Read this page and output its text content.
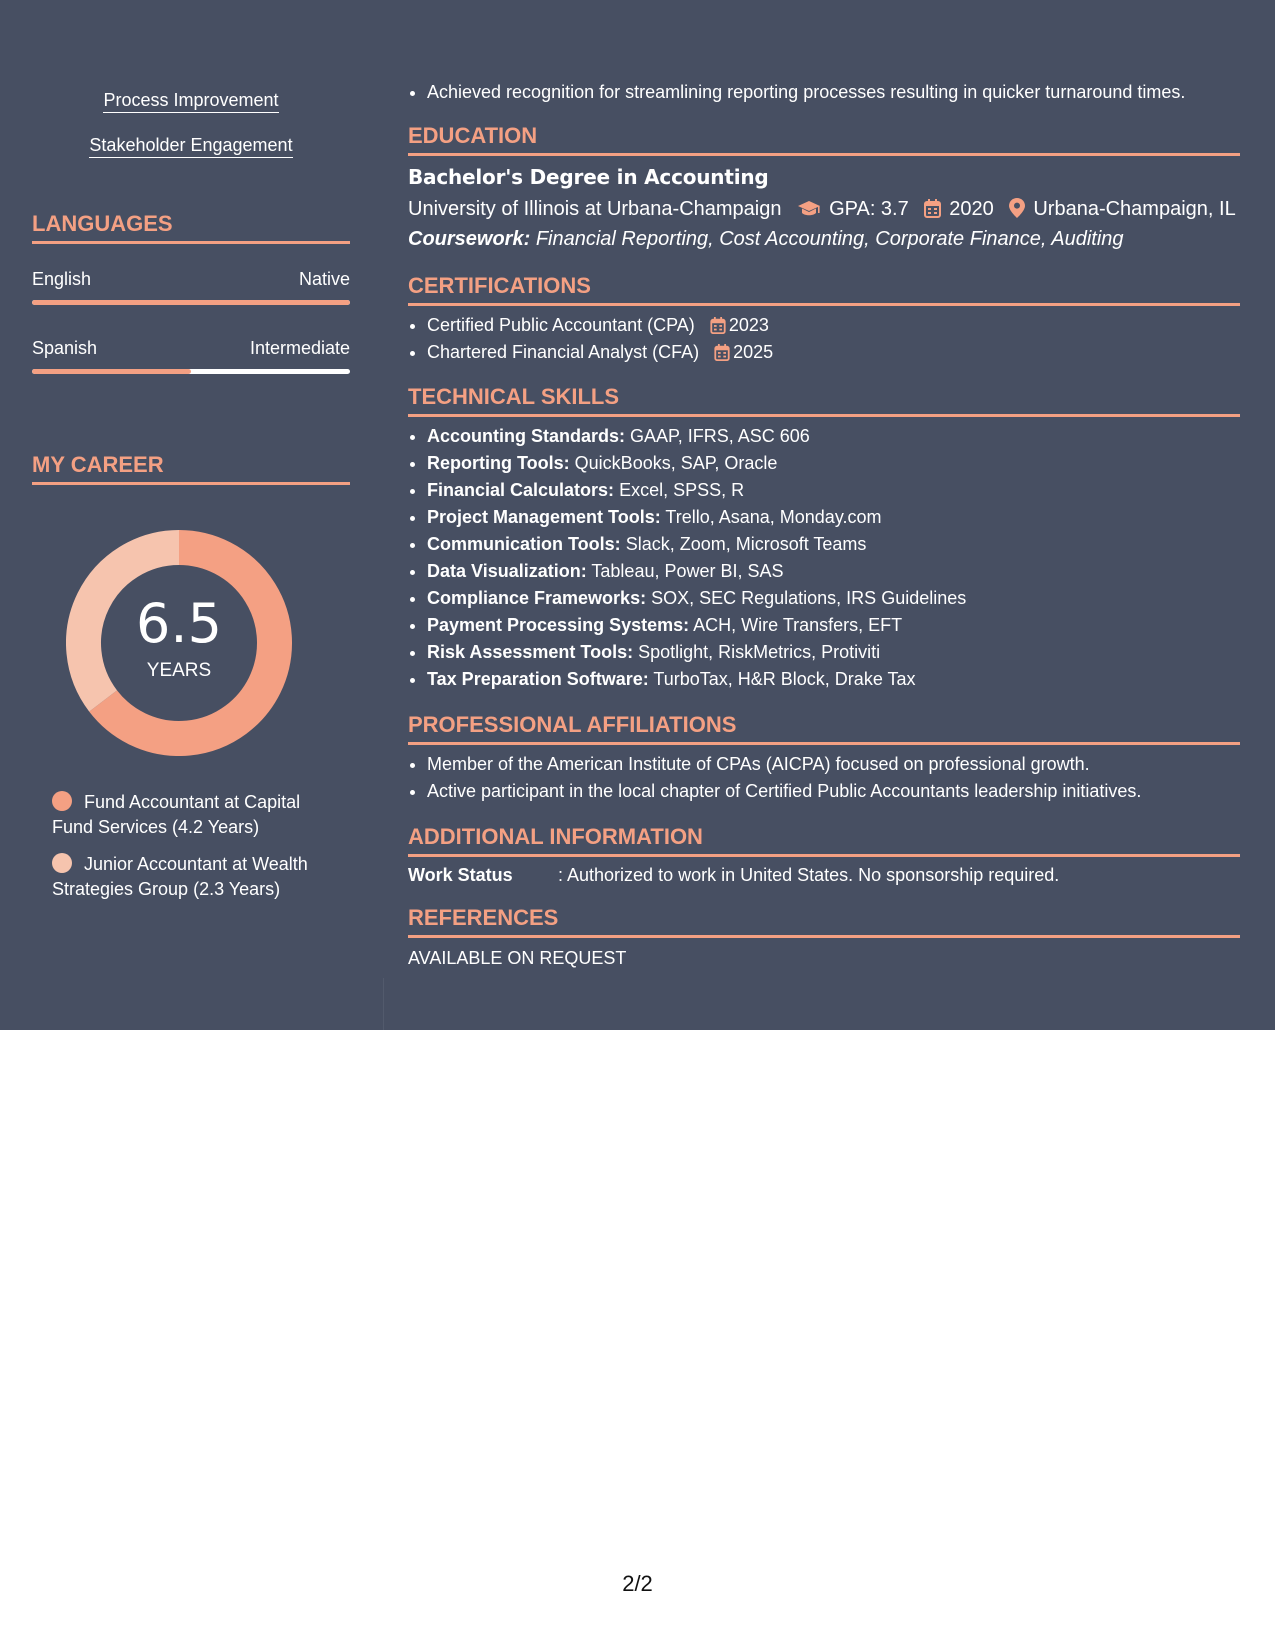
Process Improvement
Stakeholder Engagement
LANGUAGES
English	Native
Spanish	Intermediate
MY CAREER
6.5
YEARS
Fund Accountant at Capital Fund Services (4.2 Years)
Junior Accountant at Wealth Strategies Group (2.3 Years)
• Achieved recognition for streamlining reporting processes resulting in quicker turnaround times.
EDUCATION
Bachelor's Degree in Accounting
University of Illinois at Urbana-Champaign GPA: 3.7 2020 Urbana-Champaign, IL
Coursework: Financial Reporting, Cost Accounting, Corporate Finance, Auditing
CERTIFICATIONS
• Certified Public Accountant (CPA) 2023
• Chartered Financial Analyst (CFA) 2025
TECHNICAL SKILLS
• Accounting Standards: GAAP, IFRS, ASC 606
• Reporting Tools: QuickBooks, SAP, Oracle
• Financial Calculators: Excel, SPSS, R
• Project Management Tools: Trello, Asana, Monday.com
• Communication Tools: Slack, Zoom, Microsoft Teams
• Data Visualization: Tableau, Power BI, SAS
• Compliance Frameworks: SOX, SEC Regulations, IRS Guidelines
• Payment Processing Systems: ACH, Wire Transfers, EFT
• Risk Assessment Tools: Spotlight, RiskMetrics, Protiviti
• Tax Preparation Software: TurboTax, H&R Block, Drake Tax
PROFESSIONAL AFFILIATIONS
• Member of the American Institute of CPAs (AICPA) focused on professional growth.
• Active participant in the local chapter of Certified Public Accountants leadership initiatives.
ADDITIONAL INFORMATION
Work Status	: Authorized to work in United States. No sponsorship required.
REFERENCES
AVAILABLE ON REQUEST
2/2
